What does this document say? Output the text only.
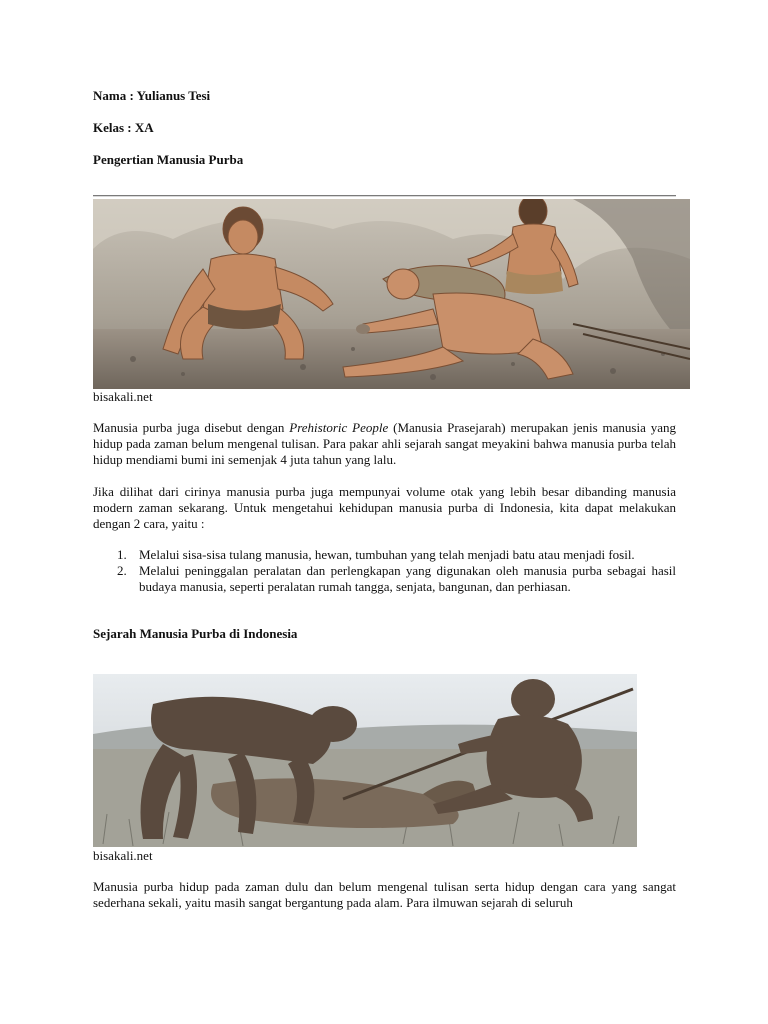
Nama : Yulianus Tesi
Kelas : XA
Pengertian Manusia Purba
bisakali.net
Manusia purba juga disebut dengan Prehistoric People (Manusia Prasejarah) merupakan jenis manusia yang hidup pada zaman belum mengenal tulisan. Para pakar ahli sejarah sangat meyakini bahwa manusia purba telah hidup mendiami bumi ini semenjak 4 juta tahun yang lalu.
Jika dilihat dari cirinya manusia purba juga mempunyai volume otak yang lebih besar dibanding manusia modern zaman sekarang. Untuk mengetahui kehidupan manusia purba di Indonesia, kita dapat melakukan dengan 2 cara, yaitu :
1. Melalui sisa-sisa tulang manusia, hewan, tumbuhan yang telah menjadi batu atau menjadi fosil.
2. Melalui peninggalan peralatan dan perlengkapan yang digunakan oleh manusia purba sebagai hasil budaya manusia, seperti peralatan rumah tangga, senjata, bangunan, dan perhiasan.
Sejarah Manusia Purba di Indonesia
bisakali.net
Manusia purba hidup pada zaman dulu dan belum mengenal tulisan serta hidup dengan cara yang sangat sederhana sekali, yaitu masih sangat bergantung pada alam. Para ilmuwan sejarah di seluruh
